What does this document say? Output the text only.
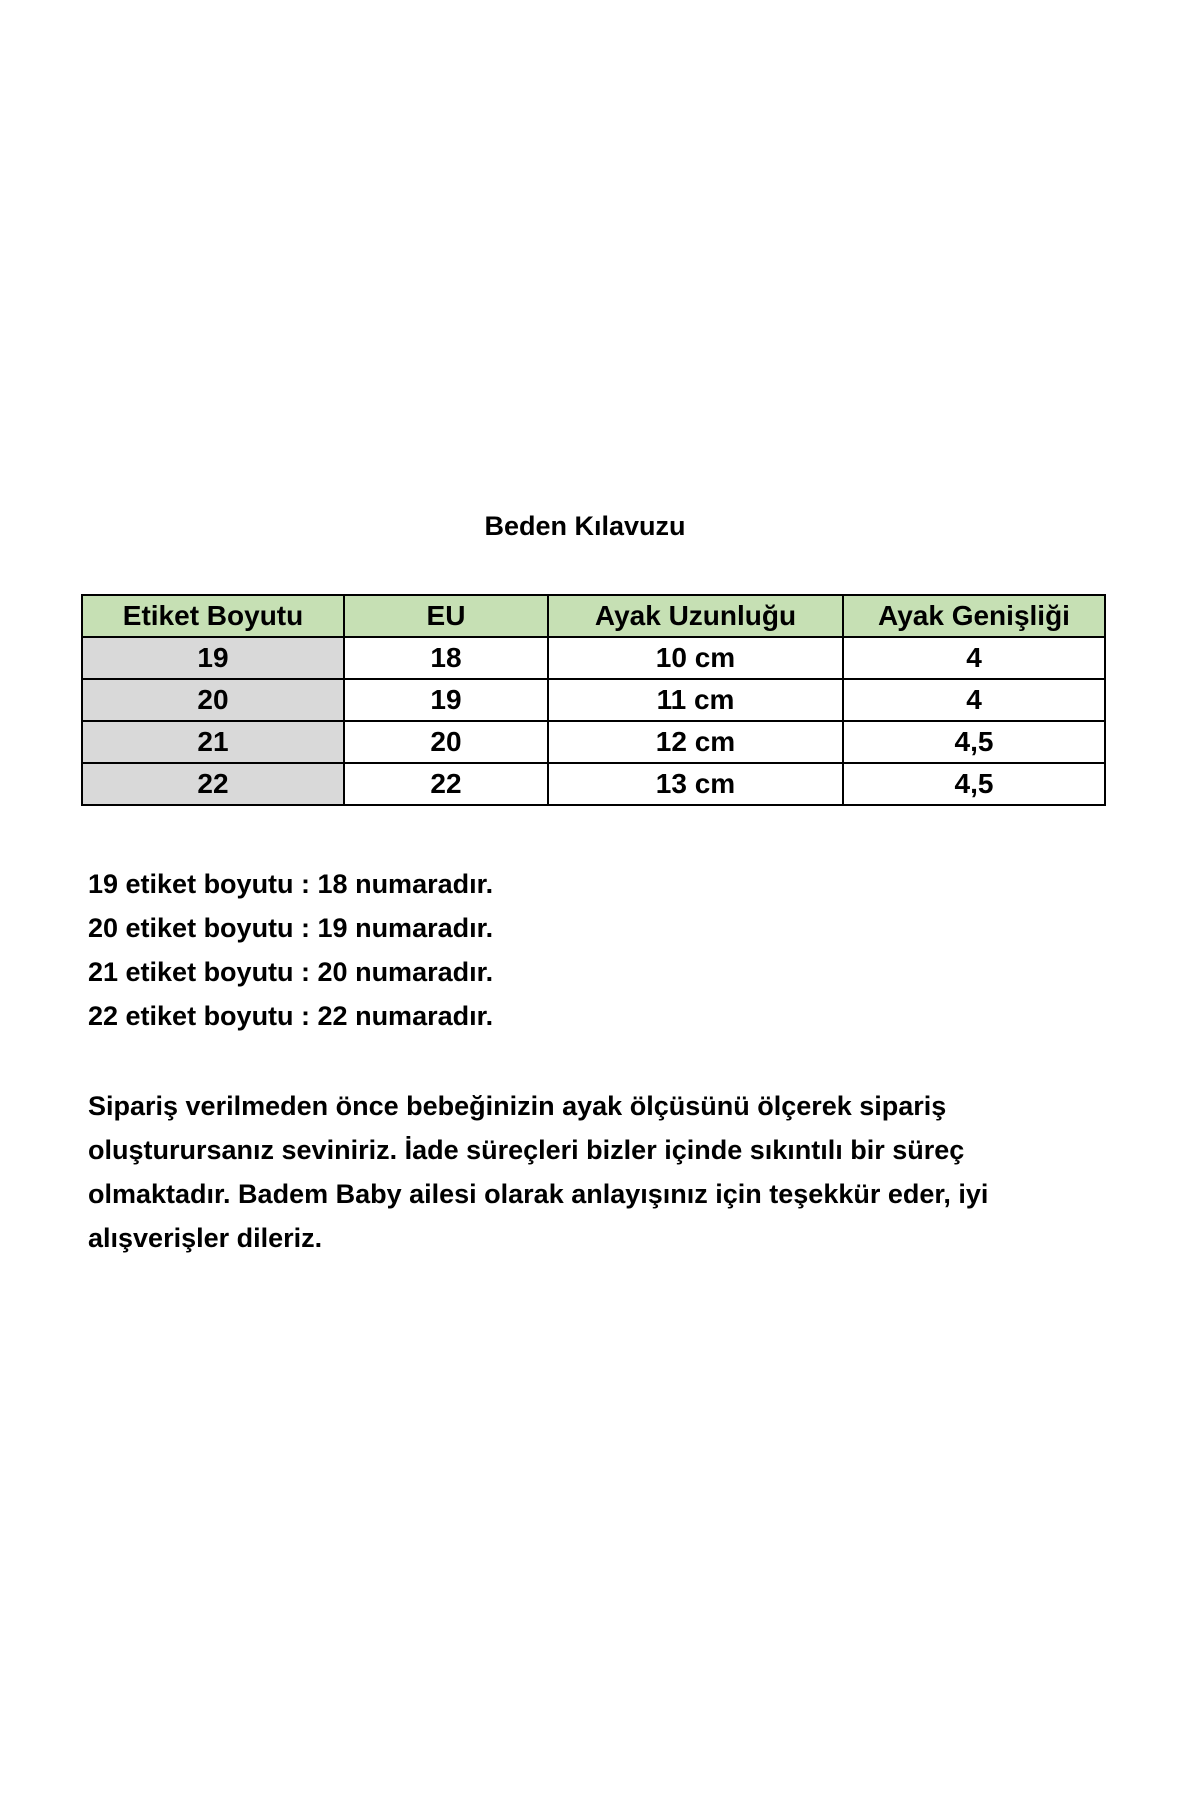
Beden Kılavuzu
Etiket Boyutu	EU	Ayak Uzunluğu	Ayak Genişliği
19	18	10 cm	4
20	19	11 cm	4
21	20	12 cm	4,5
22	22	13 cm	4,5
19 etiket boyutu : 18 numaradır.
20 etiket boyutu : 19 numaradır.
21 etiket boyutu : 20 numaradır.
22 etiket boyutu : 22 numaradır.
Sipariş verilmeden önce bebeğinizin ayak ölçüsünü ölçerek sipariş
oluşturursanız seviniriz. İade süreçleri bizler içinde sıkıntılı bir süreç
olmaktadır. Badem Baby ailesi olarak anlayışınız için teşekkür eder, iyi
alışverişler dileriz.
